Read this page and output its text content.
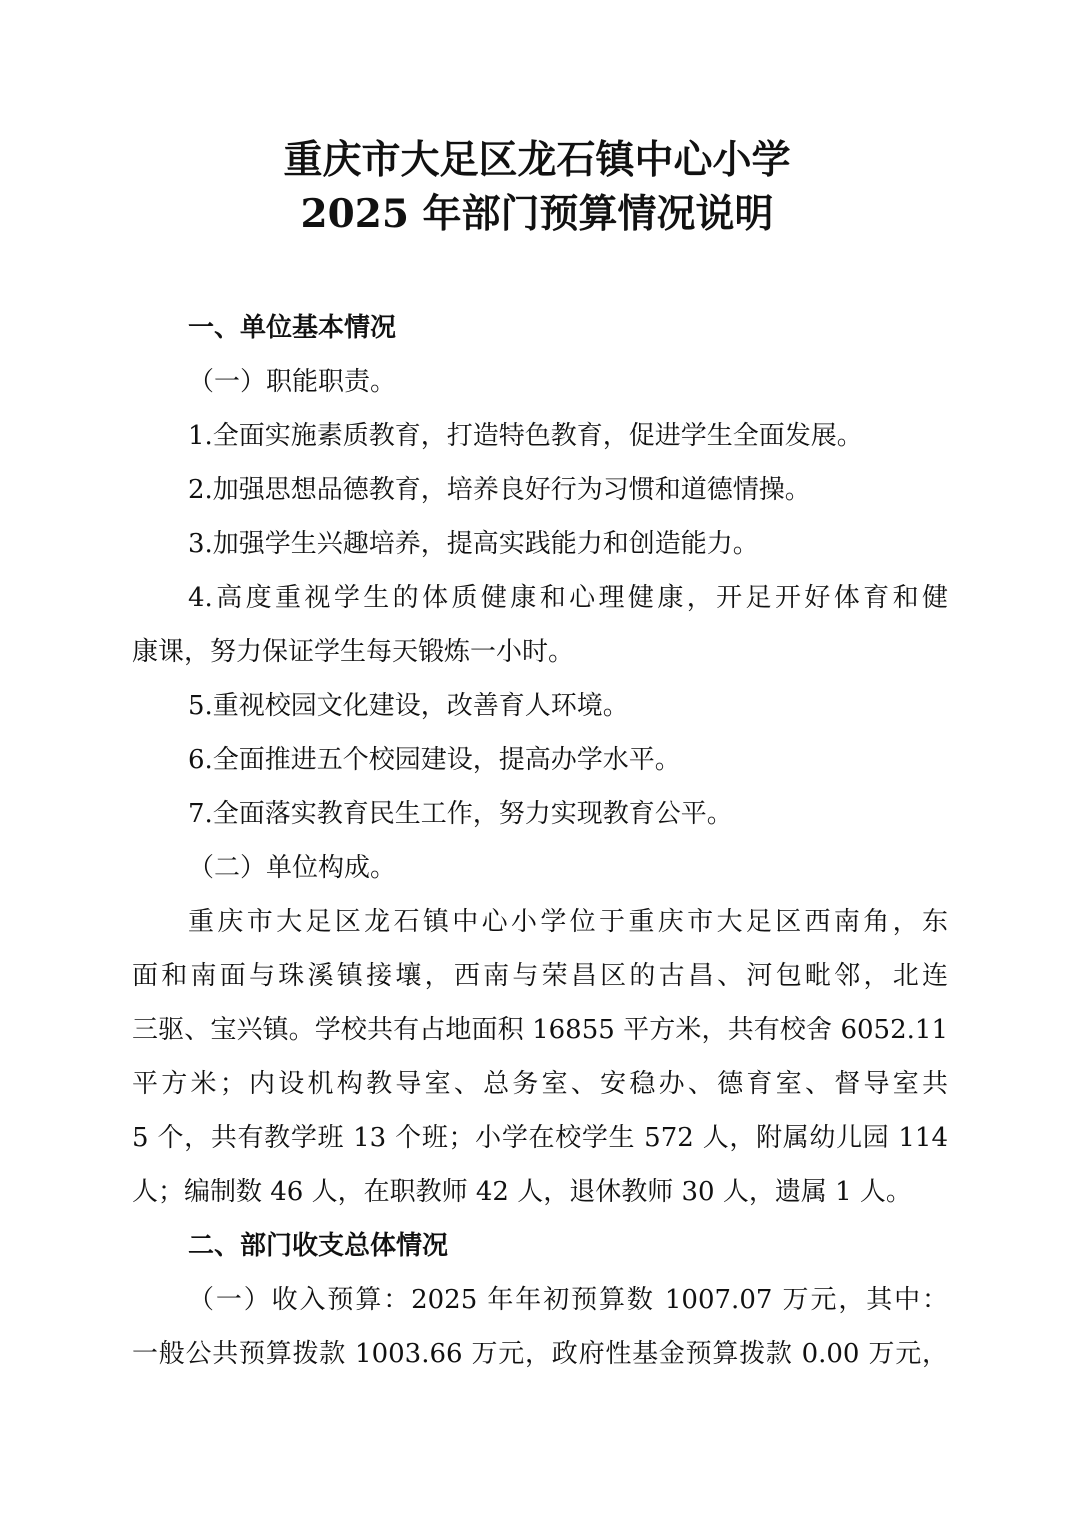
重庆市大足区龙石镇中心小学
2025 年部门预算情况说明
一、单位基本情况
（一）职能职责。
1.全面实施素质教育，打造特色教育，促进学生全面发展。
2.加强思想品德教育，培养良好行为习惯和道德情操。
3.加强学生兴趣培养，提高实践能力和创造能力。
4.高度重视学生的体质健康和心理健康，开足开好体育和健
康课，努力保证学生每天锻炼一小时。
5.重视校园文化建设，改善育人环境。
6.全面推进五个校园建设，提高办学水平。
7.全面落实教育民生工作，努力实现教育公平。
（二）单位构成。
重庆市大足区龙石镇中心小学位于重庆市大足区西南角，东
面和南面与珠溪镇接壤，西南与荣昌区的古昌、河包毗邻，北连
三驱、宝兴镇。学校共有占地面积 16855 平方米，共有校舍 6052.11
平方米；内设机构教导室、总务室、安稳办、德育室、督导室共
5 个，共有教学班 13 个班；小学在校学生 572 人，附属幼儿园 114
人；编制数 46 人，在职教师 42 人，退休教师 30 人，遗属 1 人。
二、部门收支总体情况
（一）收入预算：2025 年年初预算数 1007.07 万元，其中：
一般公共预算拨款 1003.66 万元，政府性基金预算拨款 0.00 万元，
